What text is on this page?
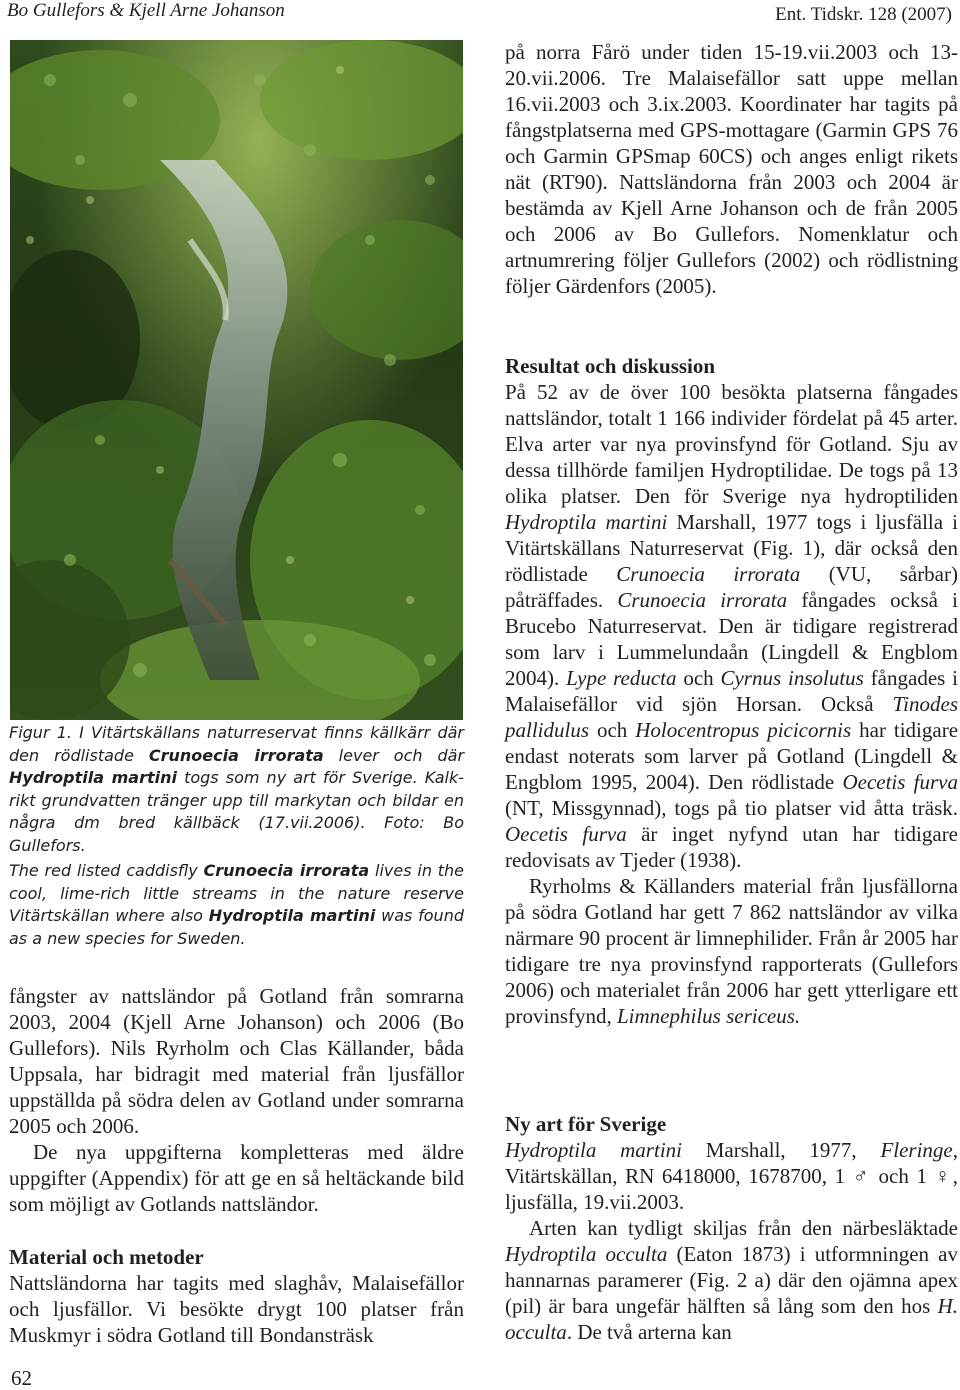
Bo Gullefors & Kjell Arne Johanson	Ent. Tidskr. 128 (2007)

Figur 1. I Vitärtskällans naturreservat finns källkärr där den rödlistade Crunoecia irrorata lever och där Hydroptila martini togs som ny art för Sverige. Kalk- rikt grundvatten tränger upp till markytan och bildar en några dm bred källbäck (17.vii.2006). Foto: Bo Gullefors.

The red listed caddisfly Crunoecia irrorata lives in the cool, lime-rich little streams in the nature reserve Vitärtskällan where also Hydroptila martini was found as a new species for Sweden.

fångster av nattsländor på Gotland från somrarna 2003, 2004 (Kjell Arne Johanson) och 2006 (Bo Gullefors). Nils Ryrholm och Clas Källander, båda Uppsala, har bidragit med material från ljusfällor uppställda på södra delen av Gotland under somrarna 2005 och 2006.

De nya uppgifterna kompletteras med äldre uppgifter (Appendix) för att ge en så heltäckande bild som möjligt av Gotlands nattsländor.

Material och metoder

Nattsländorna har tagits med slaghåv, Malaisefällor och ljusfällor. Vi besökte drygt 100 platser från Muskmyr i södra Gotland till Bondansträsk

på norra Fårö under tiden 15-19.vii.2003 och 13-20.vii.2006. Tre Malaisefällor satt uppe mellan 16.vii.2003 och 3.ix.2003. Koordinater har tagits på fångstplatserna med GPS-mottagare (Garmin GPS 76 och Garmin GPSmap 60CS) och anges enligt rikets nät (RT90). Nattsländorna från 2003 och 2004 är bestämda av Kjell Arne Johanson och de från 2005 och 2006 av Bo Gullefors. Nomenklatur och artnumrering följer Gullefors (2002) och rödlistning följer Gärdenfors (2005).

Resultat och diskussion

På 52 av de över 100 besökta platserna fångades nattsländor, totalt 1 166 individer fördelat på 45 arter. Elva arter var nya provinsfynd för Gotland. Sju av dessa tillhörde familjen Hydroptilidae. De togs på 13 olika platser. Den för Sverige nya hydroptiliden Hydroptila martini Marshall, 1977 togs i ljusfälla i Vitärtskällans Naturreservat (Fig. 1), där också den rödlistade Crunoecia irrorata (VU, sårbar) påträffades. Crunoecia irrorata fångades också i Brucebo Naturreservat. Den är tidigare registrerad som larv i Lummelundaån (Lingdell & Engblom 2004). Lype reducta och Cyrnus insolutus fångades i Malaisefällor vid sjön Horsan. Också Tinodes pallidulus och Holocentropus picicornis har tidigare endast noterats som larver på Gotland (Lingdell & Engblom 1995, 2004). Den rödlistade Oecetis furva (NT, Missgynnad), togs på tio platser vid åtta träsk. Oecetis furva är inget nyfynd utan har tidigare redovisats av Tjeder (1938).

Ryrholms & Källanders material från ljusfällorna på södra Gotland har gett 7 862 nattsländor av vilka närmare 90 procent är limnephilider. Från år 2005 har tidigare tre nya provinsfynd rapporterats (Gullefors 2006) och materialet från 2006 har gett ytterligare ett provinsfynd, Limnephilus sericeus.

Ny art för Sverige

Hydroptila martini Marshall, 1977, Fleringe, Vitärtskällan, RN 6418000, 1678700, 1 ♂ och 1 ♀, ljusfälla, 19.vii.2003.

Arten kan tydligt skiljas från den närbesläktade Hydroptila occulta (Eaton 1873) i utformningen av hannarnas paramerer (Fig. 2 a) där den ojämna apex (pil) är bara ungefär hälften så lång som den hos H. occulta. De två arterna kan

62
